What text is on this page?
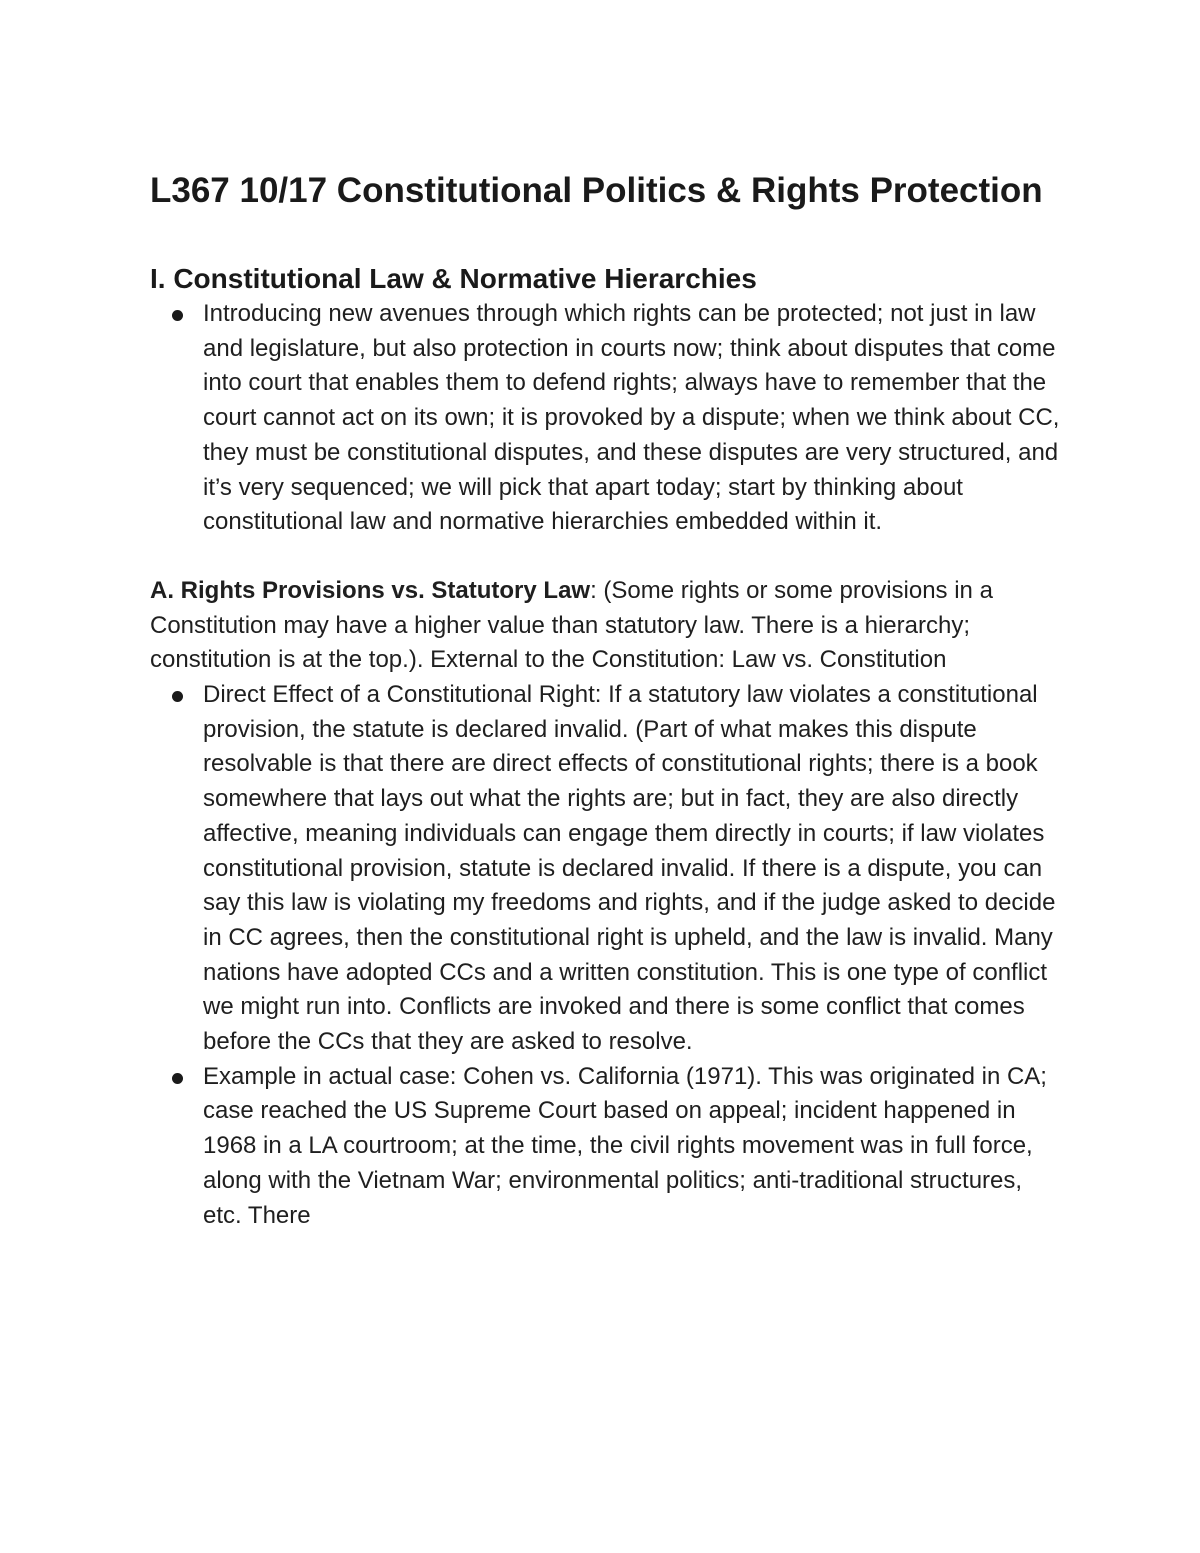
L367 10/17 Constitutional Politics & Rights Protection
I. Constitutional Law & Normative Hierarchies
Introducing new avenues through which rights can be protected; not just in law and legislature, but also protection in courts now; think about disputes that come into court that enables them to defend rights; always have to remember that the court cannot act on its own; it is provoked by a dispute; when we think about CC, they must be constitutional disputes, and these disputes are very structured, and it’s very sequenced; we will pick that apart today; start by thinking about constitutional law and normative hierarchies embedded within it.

A. Rights Provisions vs. Statutory Law: (Some rights or some provisions in a Constitution may have a higher value than statutory law. There is a hierarchy; constitution is at the top.). External to the Constitution: Law vs. Constitution

Direct Effect of a Constitutional Right: If a statutory law violates a constitutional provision, the statute is declared invalid. (Part of what makes this dispute resolvable is that there are direct effects of constitutional rights; there is a book somewhere that lays out what the rights are; but in fact, they are also directly affective, meaning individuals can engage them directly in courts; if law violates constitutional provision, statute is declared invalid. If there is a dispute, you can say this law is violating my freedoms and rights, and if the judge asked to decide in CC agrees, then the constitutional right is upheld, and the law is invalid. Many nations have adopted CCs and a written constitution. This is one type of conflict we might run into. Conflicts are invoked and there is some conflict that comes before the CCs that they are asked to resolve.
Example in actual case: Cohen vs. California (1971). This was originated in CA; case reached the US Supreme Court based on appeal; incident happened in 1968 in a LA courtroom; at the time, the civil rights movement was in full force, along with the Vietnam War; environmental politics; anti-traditional structures, etc. There
